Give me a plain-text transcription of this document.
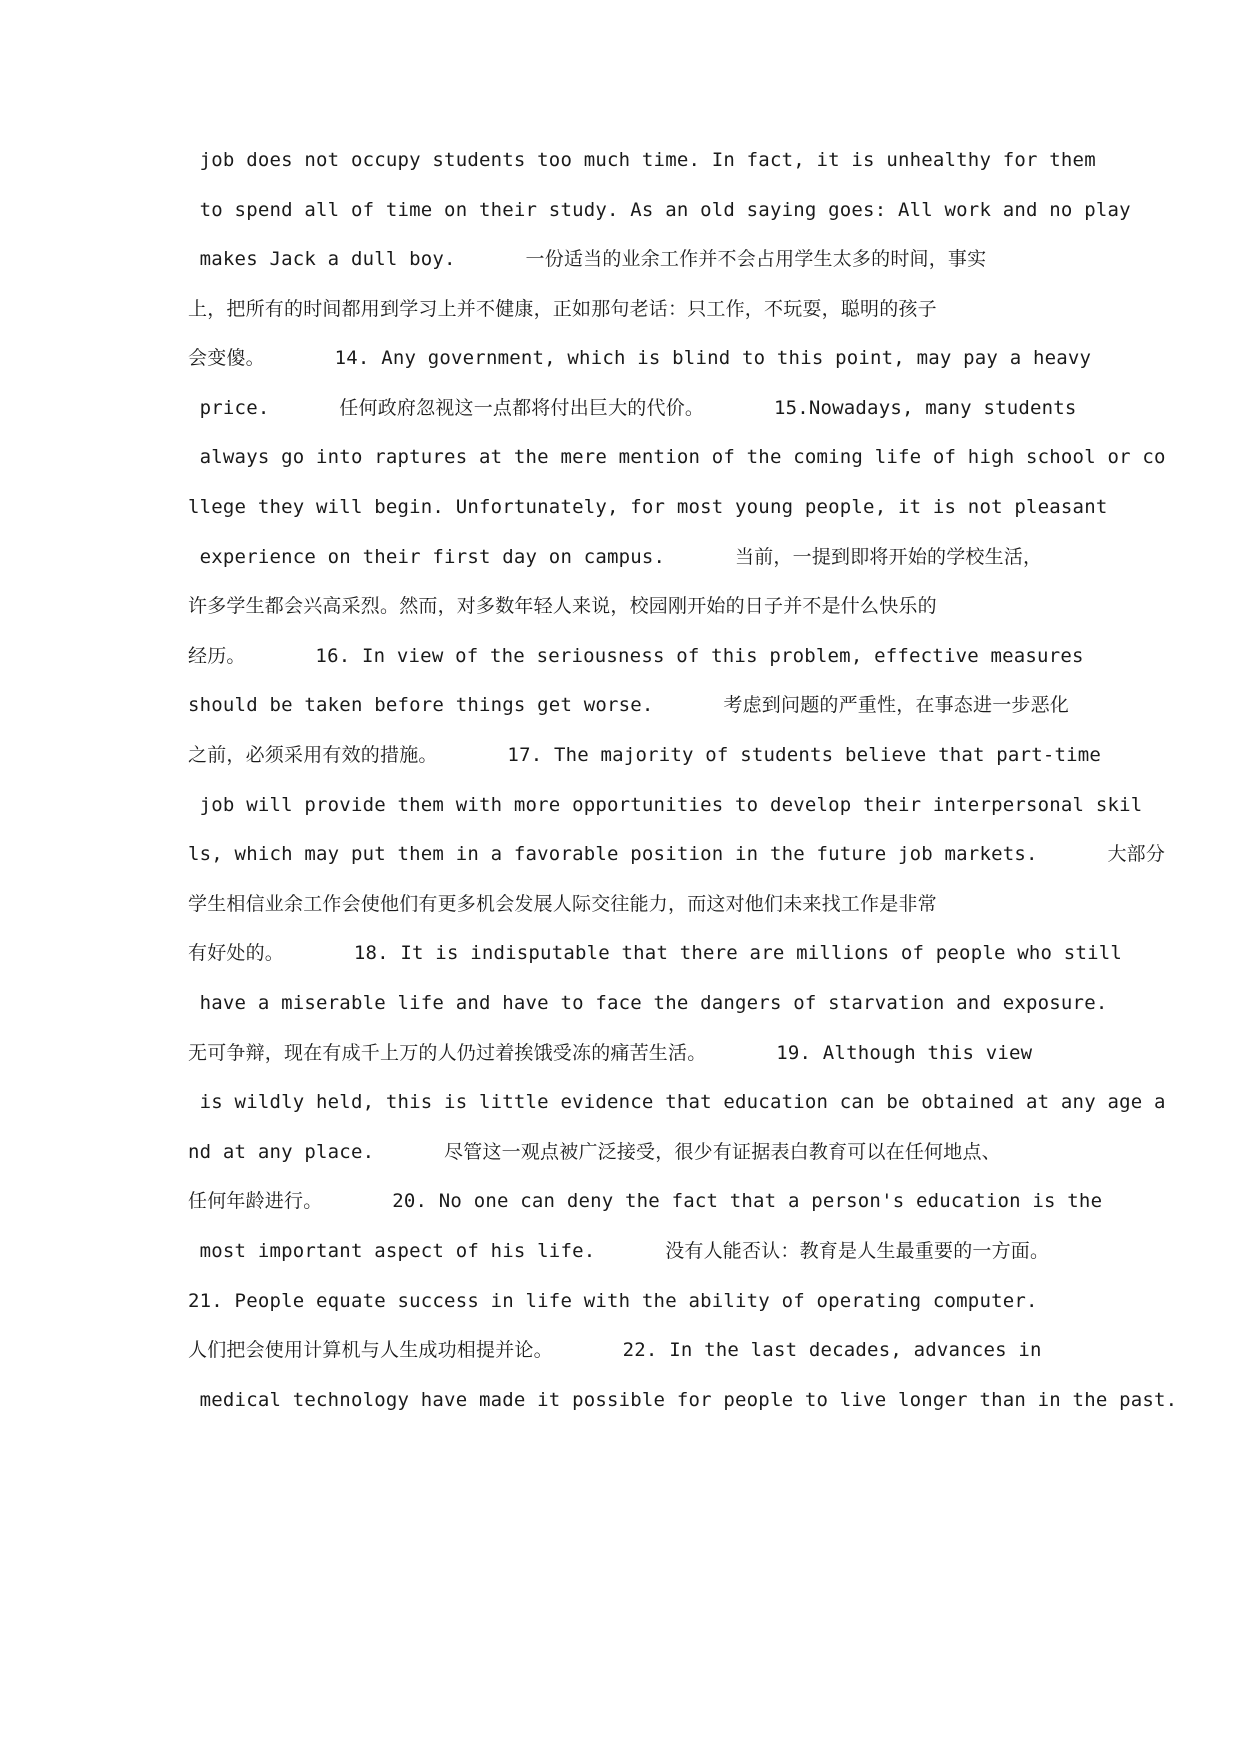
job does not occupy students too much time. In fact, it is unhealthy for them
to spend all of time on their study. As an old saying goes: All work and no play
makes Jack a dull boy.      一份适当的业余工作并不会占用学生太多的时间，事实
上，把所有的时间都用到学习上并不健康，正如那句老话：只工作，不玩耍，聪明的孩子
会变傻。      14. Any government, which is blind to this point, may pay a heavy
price.      任何政府忽视这一点都将付出巨大的代价。      15.Nowadays, many students
always go into raptures at the mere mention of the coming life of high school or co
llege they will begin. Unfortunately, for most young people, it is not pleasant
experience on their first day on campus.      当前，一提到即将开始的学校生活，
许多学生都会兴高采烈。然而，对多数年轻人来说，校园刚开始的日子并不是什么快乐的
经历。      16. In view of the seriousness of this problem, effective measures
should be taken before things get worse.      考虑到问题的严重性，在事态进一步恶化
之前，必须采用有效的措施。      17. The majority of students believe that part-time
job will provide them with more opportunities to develop their interpersonal skil
ls, which may put them in a favorable position in the future job markets.      大部分
学生相信业余工作会使他们有更多机会发展人际交往能力，而这对他们未来找工作是非常
有好处的。      18. It is indisputable that there are millions of people who still
have a miserable life and have to face the dangers of starvation and exposure.
无可争辩，现在有成千上万的人仍过着挨饿受冻的痛苦生活。      19. Although this view
is wildly held, this is little evidence that education can be obtained at any age a
nd at any place.      尽管这一观点被广泛接受，很少有证据表白教育可以在任何地点、
任何年龄进行。      20. No one can deny the fact that a person's education is the
most important aspect of his life.      没有人能否认：教育是人生最重要的一方面。
21. People equate success in life with the ability of operating computer.
人们把会使用计算机与人生成功相提并论。      22. In the last decades, advances in
medical technology have made it possible for people to live longer than in the past.
